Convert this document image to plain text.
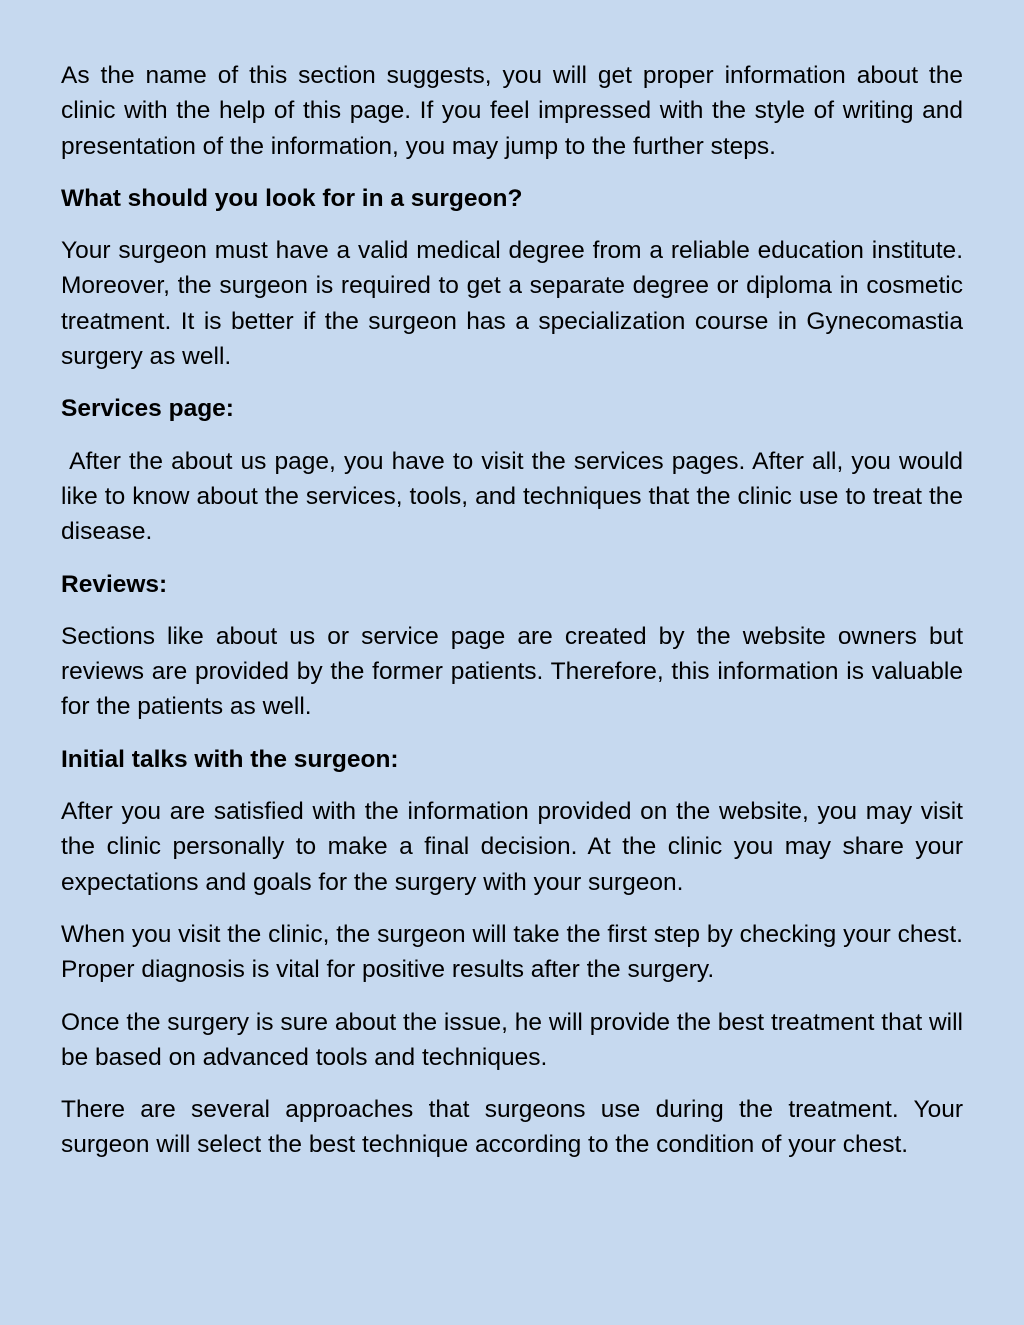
As the name of this section suggests, you will get proper information about the clinic with the help of this page. If you feel impressed with the style of writing and presentation of the information, you may jump to the further steps.

What should you look for in a surgeon?

Your surgeon must have a valid medical degree from a reliable education institute. Moreover, the surgeon is required to get a separate degree or diploma in cosmetic treatment. It is better if the surgeon has a specialization course in Gynecomastia surgery as well.

Services page:

After the about us page, you have to visit the services pages. After all, you would like to know about the services, tools, and techniques that the clinic use to treat the disease.

Reviews:

Sections like about us or service page are created by the website owners but reviews are provided by the former patients. Therefore, this information is valuable for the patients as well.

Initial talks with the surgeon:

After you are satisfied with the information provided on the website, you may visit the clinic personally to make a final decision. At the clinic you may share your expectations and goals for the surgery with your surgeon.

When you visit the clinic, the surgeon will take the first step by checking your chest. Proper diagnosis is vital for positive results after the surgery.

Once the surgery is sure about the issue, he will provide the best treatment that will be based on advanced tools and techniques.

There are several approaches that surgeons use during the treatment. Your surgeon will select the best technique according to the condition of your chest.
